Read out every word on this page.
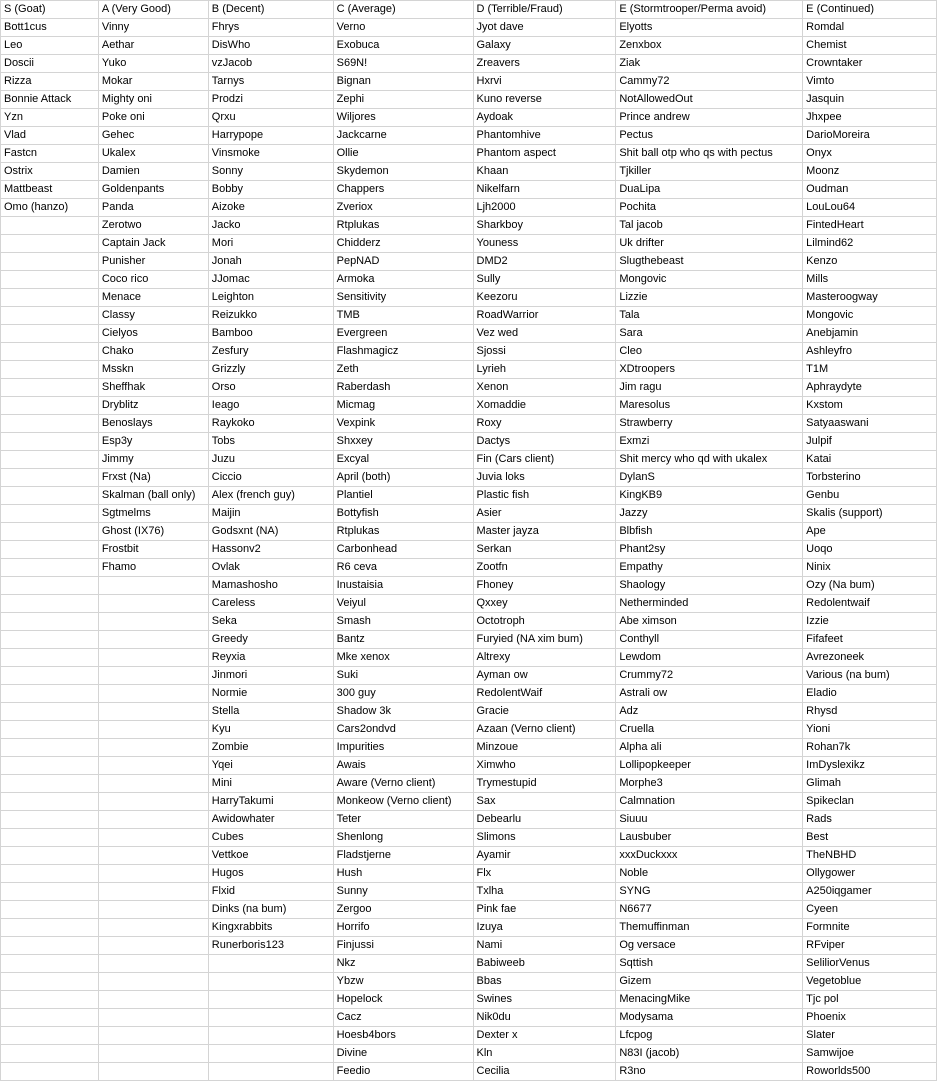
S (Goat)	A (Very Good)	B (Decent)	C (Average)	D (Terrible/Fraud)	E (Stormtrooper/Perma avoid)	E (Continued)
Bott1cus	Vinny	Fhrys	Verno	Jyot dave	Elyotts	Romdal
Leo	Aethar	DisWho	Exobuca	Galaxy	Zenxbox	Chemist
Doscii	Yuko	vzJacob	S69N!	Zreavers	Ziak	Crowntaker
Rizza	Mokar	Tarnys	Bignan	Hxrvi	Cammy72	Vimto
Bonnie Attack	Mighty oni	Prodzi	Zephi	Kuno reverse	NotAllowedOut	Jasquin
Yzn	Poke oni	Qrxu	Wiljores	Aydoak	Prince andrew	Jhxpee
Vlad	Gehec	Harrypope	Jackcarne	Phantomhive	Pectus	DarioMoreira
Fastcn	Ukalex	Vinsmoke	Ollie	Phantom aspect	Shit ball otp who qs with pectus	Onyx
Ostrix	Damien	Sonny	Skydemon	Khaan	Tjkiller	Moonz
Mattbeast	Goldenpants	Bobby	Chappers	Nikelfarn	DuaLipa	Oudman
Omo (hanzo)	Panda	Aizoke	Zveriox	Ljh2000	Pochita	LouLou64
	Zerotwo	Jacko	Rtplukas	Sharkboy	Tal jacob	FintedHeart
	Captain Jack	Mori	Chidderz	Youness	Uk drifter	Lilmind62
	Punisher	Jonah	PepNAD	DMD2	Slugthebeast	Kenzo
	Coco rico	JJomac	Armoka	Sully	Mongovic	Mills
	Menace	Leighton	Sensitivity	Keezoru	Lizzie	Masteroogway
	Classy	Reizukko	TMB	RoadWarrior	Tala	Mongovic
	Cielyos	Bamboo	Evergreen	Vez wed	Sara	Anebjamin
	Chako	Zesfury	Flashmagicz	Sjossi	Cleo	Ashleyfro
	Msskn	Grizzly	Zeth	Lyrieh	XDtroopers	T1M
	Sheffhak	Orso	Raberdash	Xenon	Jim ragu	Aphraydyte
	Dryblitz	Ieago	Micmag	Xomaddie	Maresolus	Kxstom
	Benoslays	Raykoko	Vexpink	Roxy	Strawberry	Satyaaswani
	Esp3y	Tobs	Shxxey	Dactys	Exmzi	Julpif
	Jimmy	Juzu	Excyal	Fin (Cars client)	Shit mercy who qd with ukalex	Katai
	Frxst (Na)	Ciccio	April (both)	Juvia loks	DylanS	Torbsterino
	Skalman (ball only)	Alex (french guy)	Plantiel	Plastic fish	KingKB9	Genbu
	Sgtmelms	Maijin	Bottyfish	Asier	Jazzy	Skalis (support)
	Ghost (IX76)	Godsxnt (NA)	Rtplukas	Master jayza	Blbfish	Ape
	Frostbit	Hassonv2	Carbonhead	Serkan	Phant2sy	Uoqo
	Fhamo	Ovlak	R6 ceva	Zootfn	Empathy	Ninix
		Mamashosho	Inustaisia	Fhoney	Shaology	Ozy (Na bum)
		Careless	Veiyul	Qxxey	Netherminded	Redolentwaif
		Seka	Smash	Octotroph	Abe ximson	Izzie
		Greedy	Bantz	Furyied (NA xim bum)	Conthyll	Fifafeet
		Reyxia	Mke xenox	Altrexy	Lewdom	Avrezoneek
		Jinmori	Suki	Ayman ow	Crummy72	Various (na bum)
		Normie	300 guy	RedolentWaif	Astrali ow	Eladio
		Stella	Shadow 3k	Gracie	Adz	Rhysd
		Kyu	Cars2ondvd	Azaan (Verno client)	Cruella	Yioni
		Zombie	Impurities	Minzoue	Alpha ali	Rohan7k
		Yqei	Awais	Ximwho	Lollipopkeeper	ImDyslexikz
		Mini	Aware (Verno client)	Trymestupid	Morphe3	Glimah
		HarryTakumi	Monkeow (Verno client)	Sax	Calmnation	Spikeclan
		Awidowhater	Teter	Debearlu	Siuuu	Rads
		Cubes	Shenlong	Slimons	Lausbuber	Best
		Vettkoe	Fladstjerne	Ayamir	xxxDuckxxx	TheNBHD
		Hugos	Hush	Flx	Noble	Ollygower
		Flxid	Sunny	Txlha	SYNG	A250iqgamer
		Dinks (na bum)	Zergoo	Pink fae	N6677	Cyeen
		Kingxrabbits	Horrifo	Izuya	Themuffinman	Formnite
		Runerboris123	Finjussi	Nami	Og versace	RFviper
			Nkz	Babiweeb	Sqttish	SeliliorVenus
			Ybzw	Bbas	Gizem	Vegetoblue
			Hopelock	Swines	MenacingMike	Tjc pol
			Cacz	Nik0du	Modysama	Phoenix
			Hoesb4bors	Dexter x	Lfcpog	Slater
			Divine	Kln	N83I (jacob)	Samwijoe
			Feedio	Cecilia	R3no	Roworlds500
